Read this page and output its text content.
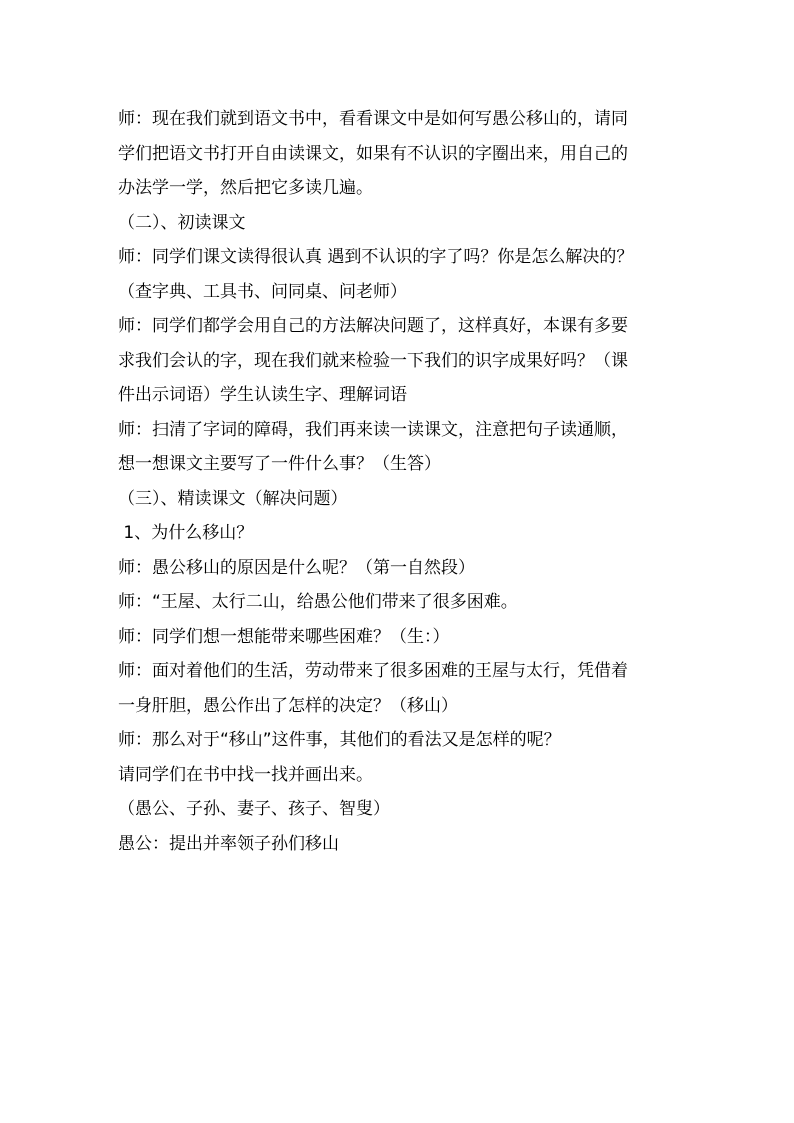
师：现在我们就到语文书中，看看课文中是如何写愚公移山的，请同

学们把语文书打开自由读课文，如果有不认识的字圈出来，用自己的

办法学一学，然后把它多读几遍。

（二）、初读课文

师：同学们课文读得很认真 遇到不认识的字了吗？你是怎么解决的？

（查字典、工具书、问同桌、问老师）

师：同学们都学会用自己的方法解决问题了，这样真好，本课有多要

求我们会认的字，现在我们就来检验一下我们的识字成果好吗？（课

件出示词语）学生认读生字、理解词语

师：扫清了字词的障碍，我们再来读一读课文，注意把句子读通顺，

想一想课文主要写了一件什么事？（生答）

（三）、精读课文（解决问题）

1、为什么移山？

师：愚公移山的原因是什么呢？（第一自然段）

师：“王屋、太行二山，给愚公他们带来了很多困难。

师：同学们想一想能带来哪些困难？（生：）

师：面对着他们的生活，劳动带来了很多困难的王屋与太行，凭借着

一身肝胆，愚公作出了怎样的决定？（移山）

师：那么对于“移山”这件事，其他们的看法又是怎样的呢？

请同学们在书中找一找并画出来。

（愚公、子孙、妻子、孩子、智叟）

愚公：提出并率领子孙们移山
